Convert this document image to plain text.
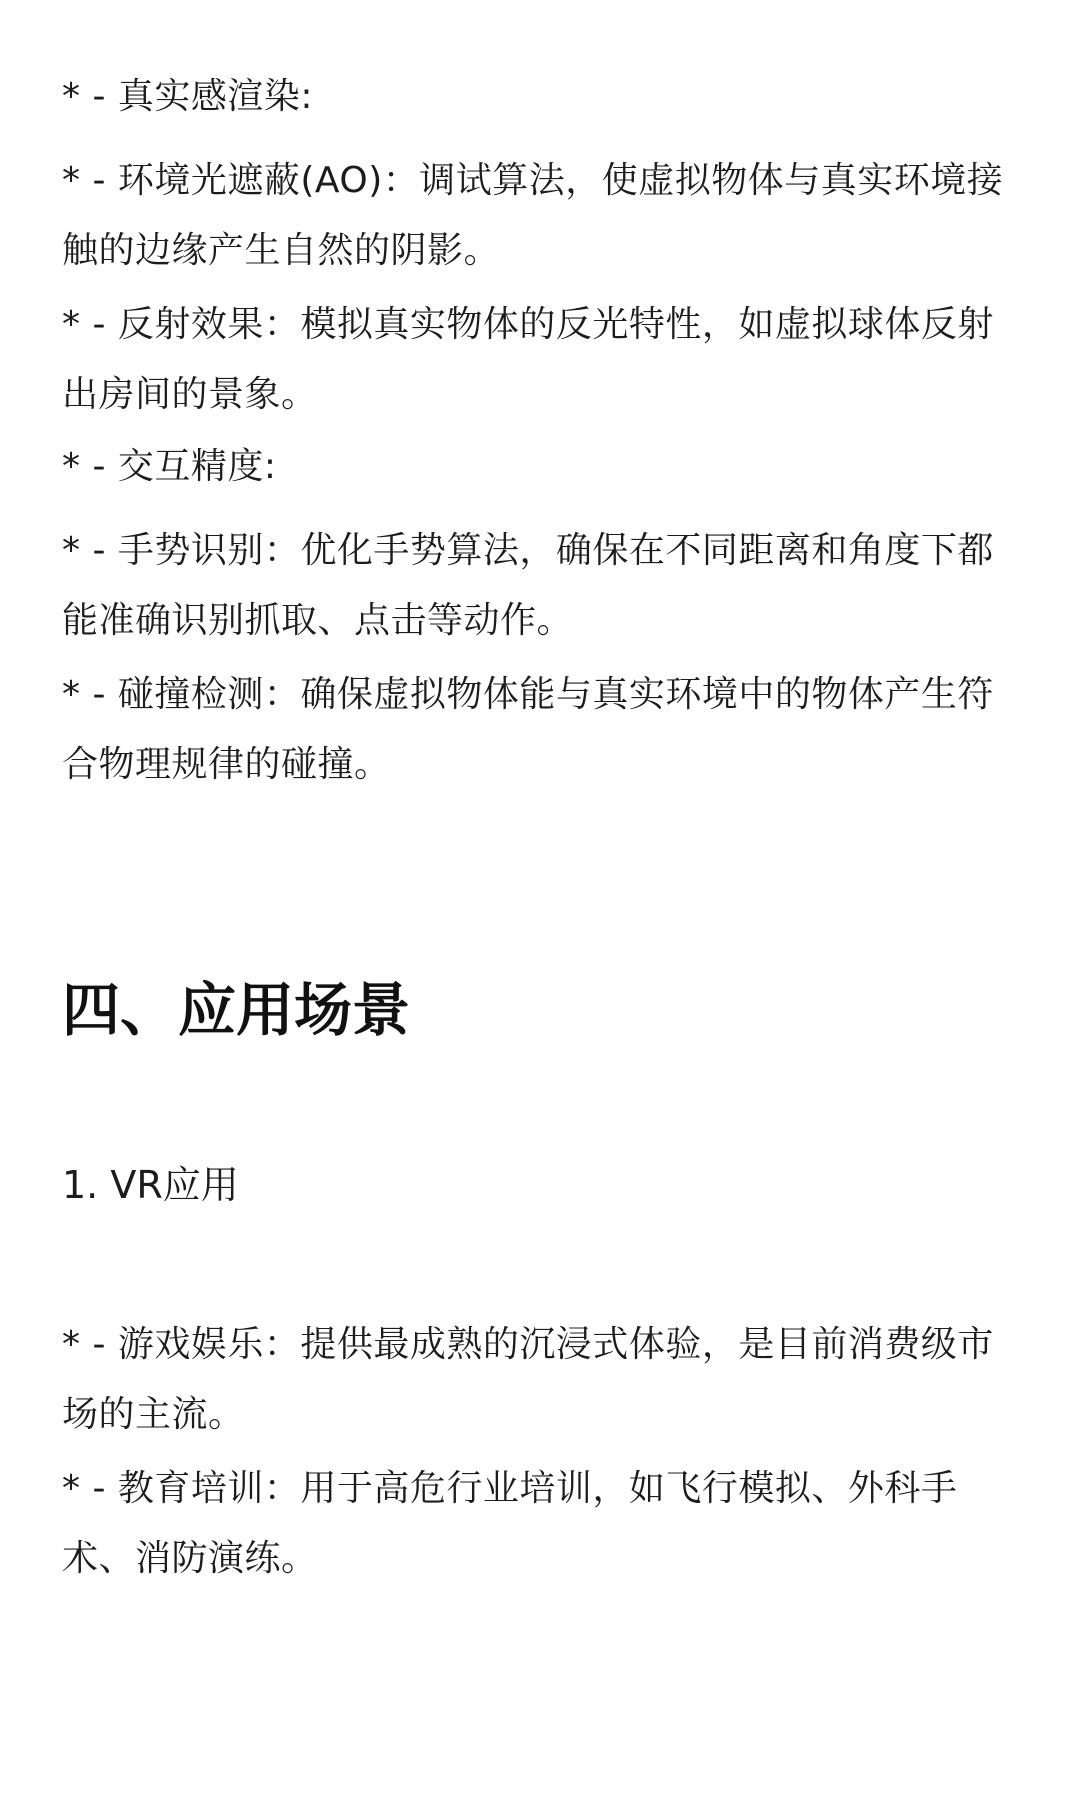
* - 真实感渲染:
* - 环境光遮蔽(AO)：调试算法，使虚拟物体与真实环境接触的边缘产生自然的阴影。
* - 反射效果：模拟真实物体的反光特性，如虚拟球体反射出房间的景象。
* - 交互精度:
* - 手势识别：优化手势算法，确保在不同距离和角度下都能准确识别抓取、点击等动作。
* - 碰撞检测：确保虚拟物体能与真实环境中的物体产生符合物理规律的碰撞。
四、应用场景
1. VR应用
* - 游戏娱乐：提供最成熟的沉浸式体验，是目前消费级市场的主流。
* - 教育培训：用于高危行业培训，如飞行模拟、外科手术、消防演练。
